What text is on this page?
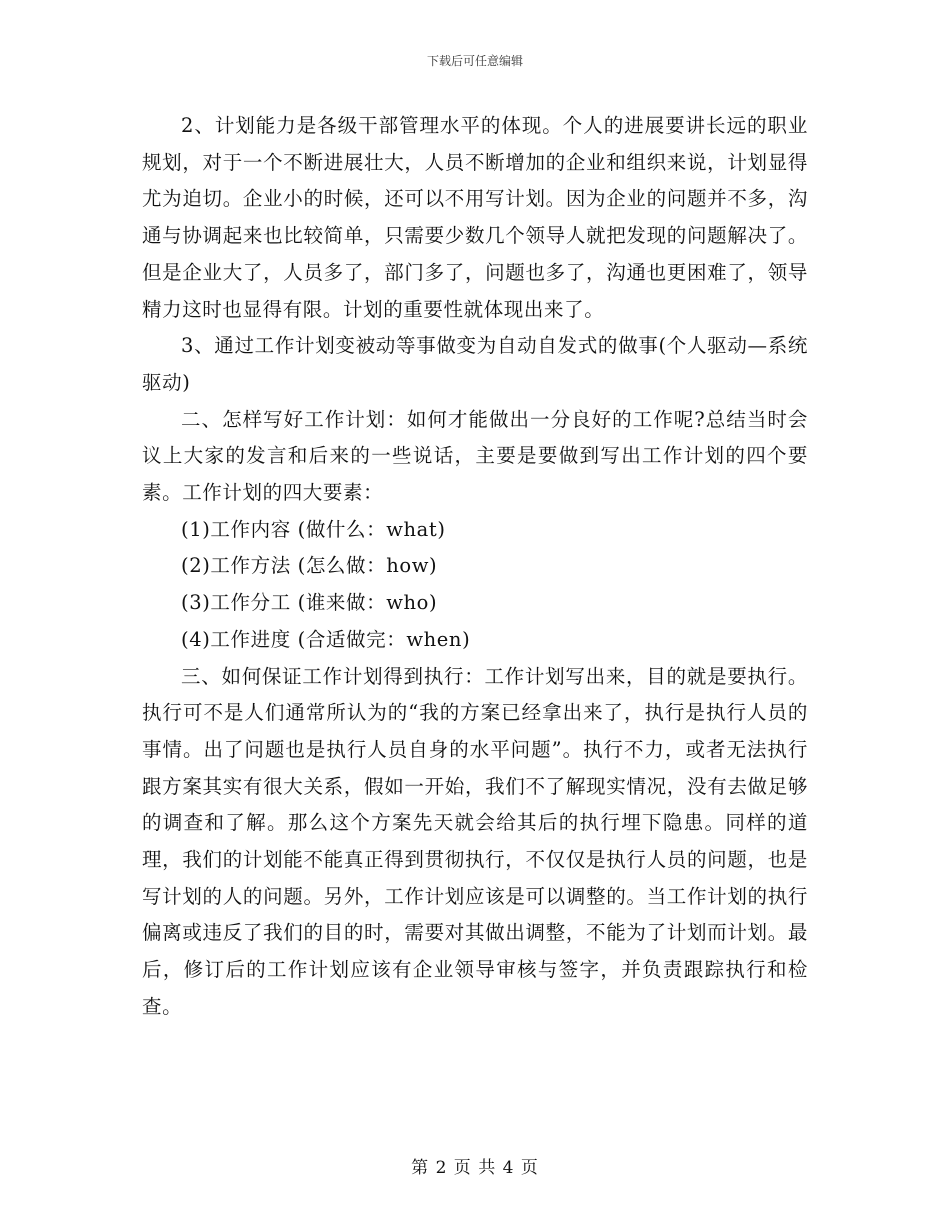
下载后可任意编辑

2、计划能力是各级干部管理水平的体现。个人的进展要讲长远的职业规划，对于一个不断进展壮大，人员不断增加的企业和组织来说，计划显得尤为迫切。企业小的时候，还可以不用写计划。因为企业的问题并不多，沟通与协调起来也比较简单，只需要少数几个领导人就把发现的问题解决了。但是企业大了，人员多了，部门多了，问题也多了，沟通也更困难了，领导精力这时也显得有限。计划的重要性就体现出来了。

3、通过工作计划变被动等事做变为自动自发式的做事(个人驱动—系统驱动)

二、怎样写好工作计划：如何才能做出一分良好的工作呢?总结当时会议上大家的发言和后来的一些说话，主要是要做到写出工作计划的四个要素。工作计划的四大要素：

(1)工作内容 (做什么：what)

(2)工作方法 (怎么做：how)

(3)工作分工 (谁来做：who)

(4)工作进度 (合适做完：when)

三、如何保证工作计划得到执行：工作计划写出来，目的就是要执行。执行可不是人们通常所认为的“我的方案已经拿出来了，执行是执行人员的事情。出了问题也是执行人员自身的水平问题”。执行不力，或者无法执行跟方案其实有很大关系，假如一开始，我们不了解现实情况，没有去做足够的调查和了解。那么这个方案先天就会给其后的执行埋下隐患。同样的道理，我们的计划能不能真正得到贯彻执行，不仅仅是执行人员的问题，也是写计划的人的问题。另外，工作计划应该是可以调整的。当工作计划的执行偏离或违反了我们的目的时，需要对其做出调整，不能为了计划而计划。最后，修订后的工作计划应该有企业领导审核与签字，并负责跟踪执行和检查。

第 2 页 共 4 页
